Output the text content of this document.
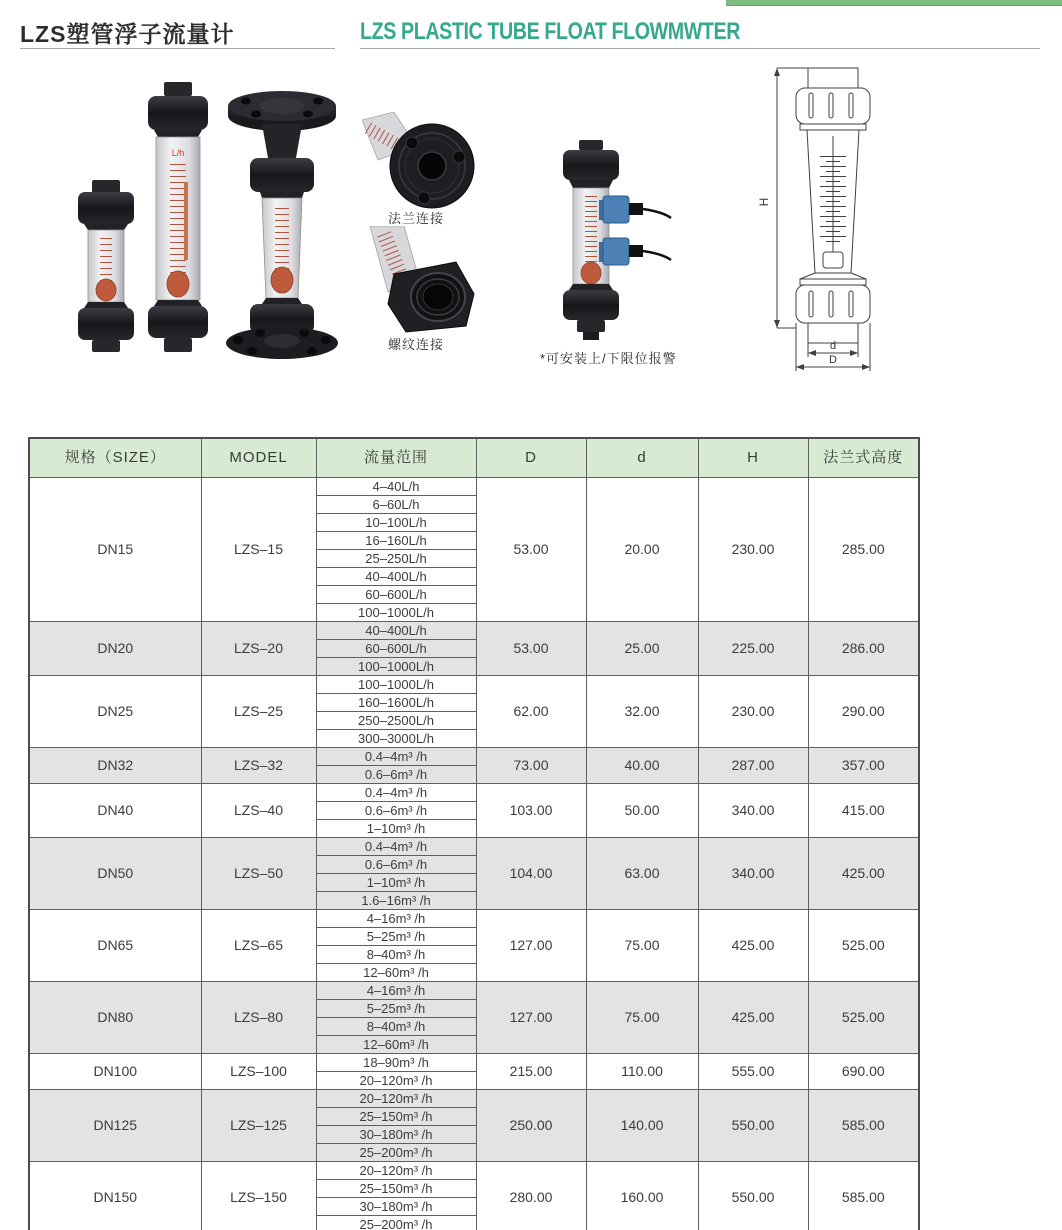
LZS塑管浮子流量计	LZS PLASTIC TUBE FLOAT FLOWMWTER
L/h
法兰连接
螺纹连接
*可安装上/下限位报警
H
d
D
规格（SIZE）	MODEL	流量范围	D	d	H	法兰式高度
DN15	LZS–15	4–40L/h	53.00	20.00	230.00	285.00
		6–60L/h				
		10–100L/h				
		16–160L/h				
		25–250L/h				
		40–400L/h				
		60–600L/h				
		100–1000L/h				
DN20	LZS–20	40–400L/h	53.00	25.00	225.00	286.00
		60–600L/h				
		100–1000L/h				
DN25	LZS–25	100–1000L/h	62.00	32.00	230.00	290.00
		160–1600L/h				
		250–2500L/h				
		300–3000L/h				
DN32	LZS–32	0.4–4m³ /h	73.00	40.00	287.00	357.00
		0.6–6m³ /h				
DN40	LZS–40	0.4–4m³ /h	103.00	50.00	340.00	415.00
		0.6–6m³ /h				
		1–10m³ /h				
DN50	LZS–50	0.4–4m³ /h	104.00	63.00	340.00	425.00
		0.6–6m³ /h				
		1–10m³ /h				
		1.6–16m³ /h				
DN65	LZS–65	4–16m³ /h	127.00	75.00	425.00	525.00
		5–25m³ /h				
		8–40m³ /h				
		12–60m³ /h				
DN80	LZS–80	4–16m³ /h	127.00	75.00	425.00	525.00
		5–25m³ /h				
		8–40m³ /h				
		12–60m³ /h				
DN100	LZS–100	18–90m³ /h	215.00	110.00	555.00	690.00
		20–120m³ /h				
DN125	LZS–125	20–120m³ /h	250.00	140.00	550.00	585.00
		25–150m³ /h				
		30–180m³ /h				
		25–200m³ /h				
DN150	LZS–150	20–120m³ /h	280.00	160.00	550.00	585.00
		25–150m³ /h				
		30–180m³ /h				
		25–200m³ /h				
